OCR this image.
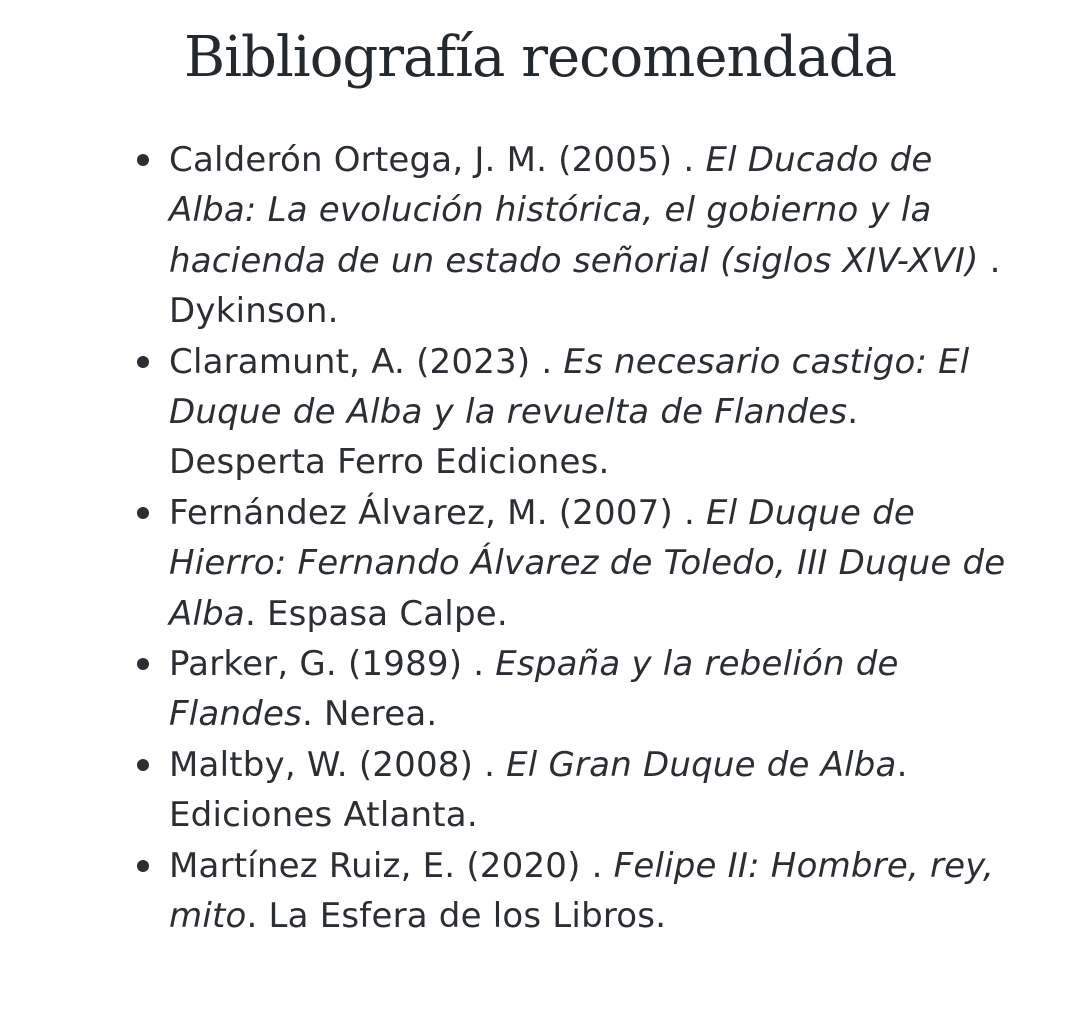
Bibliografía recomendada
Calderón Ortega, J. M. (2005) . El Ducado de Alba: La evolución histórica, el gobierno y la hacienda de un estado señorial (siglos XIV-XVI) . Dykinson.
Claramunt, A. (2023) . Es necesario castigo: El Duque de Alba y la revuelta de Flandes. Desperta Ferro Ediciones.
Fernández Álvarez, M. (2007) . El Duque de Hierro: Fernando Álvarez de Toledo, III Duque de Alba. Espasa Calpe.
Parker, G. (1989) . España y la rebelión de Flandes. Nerea.
Maltby, W. (2008) . El Gran Duque de Alba. Ediciones Atlanta.
Martínez Ruiz, E. (2020) . Felipe II: Hombre, rey, mito. La Esfera de los Libros.
